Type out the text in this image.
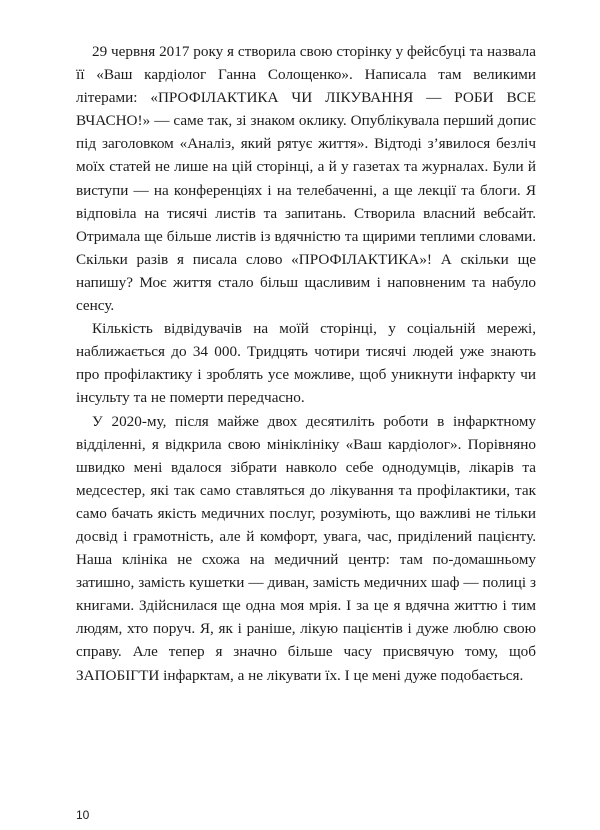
29 червня 2017 року я створила свою сторінку у фейсбуці та назвала її «Ваш кардіолог Ганна Солощенко». Написала там великими літерами: «ПРОФІЛАКТИКА ЧИ ЛІКУВАННЯ — РОБИ ВСЕ ВЧАСНО!» — саме так, зі знаком оклику. Опублікувала перший допис під заголовком «Аналіз, який рятує життя». Відтоді з’явилося безліч моїх статей не лише на цій сторінці, а й у газетах та журналах. Були й виступи — на конференціях і на телебаченні, а ще лекції та блоги. Я відповіла на тисячі листів та запитань. Створила власний вебсайт. Отримала ще більше листів із вдячністю та щирими теплими словами. Скільки разів я писала слово «ПРОФІЛАКТИКА»! А скільки ще напишу? Моє життя стало більш щасливим і наповненим та набуло сенсу.

Кількість відвідувачів на моїй сторінці, у соціальній мережі, наближається до 34 000. Тридцять чотири тисячі людей уже знають про профілактику і зроблять усе можливе, щоб уникнути інфаркту чи інсульту та не померти передчасно.

У 2020-му, після майже двох десятиліть роботи в інфарктному відділенні, я відкрила свою мініклініку «Ваш кардіолог». Порівняно швидко мені вдалося зібрати навколо себе однодумців, лікарів та медсестер, які так само ставляться до лікування та профілактики, так само бачать якість медичних послуг, розуміють, що важливі не тільки досвід і грамотність, але й комфорт, увага, час, приділений пацієнту. Наша клініка не схожа на медичний центр: там по-домашньому затишно, замість кушетки — диван, замість медичних шаф — полиці з книгами. Здійснилася ще одна моя мрія. І за це я вдячна життю і тим людям, хто поруч. Я, як і раніше, лікую пацієнтів і дуже люблю свою справу. Але тепер я значно більше часу присвячую тому, щоб ЗАПОБІГТИ інфарктам, а не лікувати їх. І це мені дуже подобається.

10
